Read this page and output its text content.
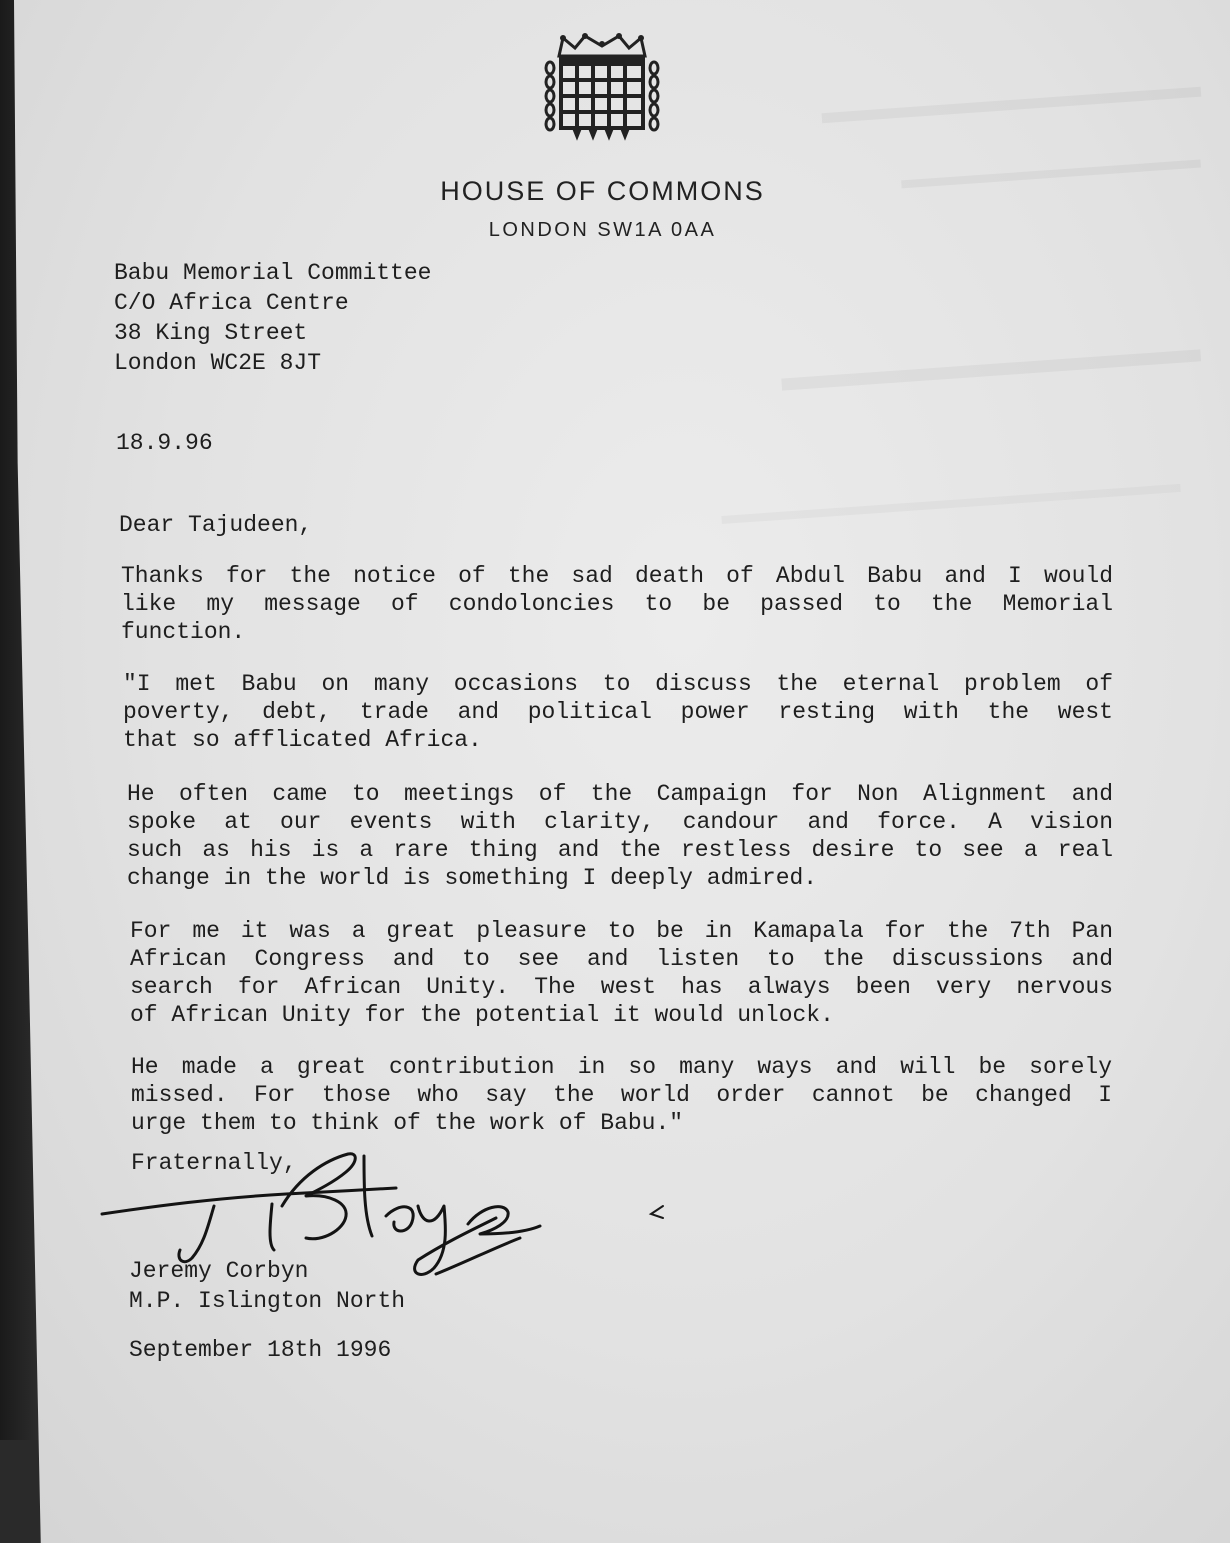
HOUSE OF COMMONS
LONDON SW1A 0AA
Babu Memorial Committee
C/O Africa Centre
38 King Street
London WC2E 8JT
18.9.96
Dear Tajudeen,
Thanks for the notice of the sad death of Abdul Babu and I would
like my message of condoloncies to be passed to the Memorial
function.
"I met Babu on many occasions to discuss the eternal problem of
poverty, debt, trade and political power resting with the west
that so afflicated Africa.
He often came to meetings of the Campaign for Non Alignment and
spoke at our events with clarity, candour and force. A vision
such as his is a rare thing and the restless desire to see a real
change in the world is something I deeply admired.
For me it was a great pleasure to be in Kamapala for the 7th Pan
African Congress and to see and listen to the discussions and
search for African Unity. The west has always been very nervous
of African Unity for the potential it would unlock.
He made a great contribution in so many ways and will be sorely
missed. For those who say the world order cannot be changed I
urge them to think of the work of Babu."
Fraternally,
Jeremy Corbyn
M.P. Islington North
September 18th 1996
